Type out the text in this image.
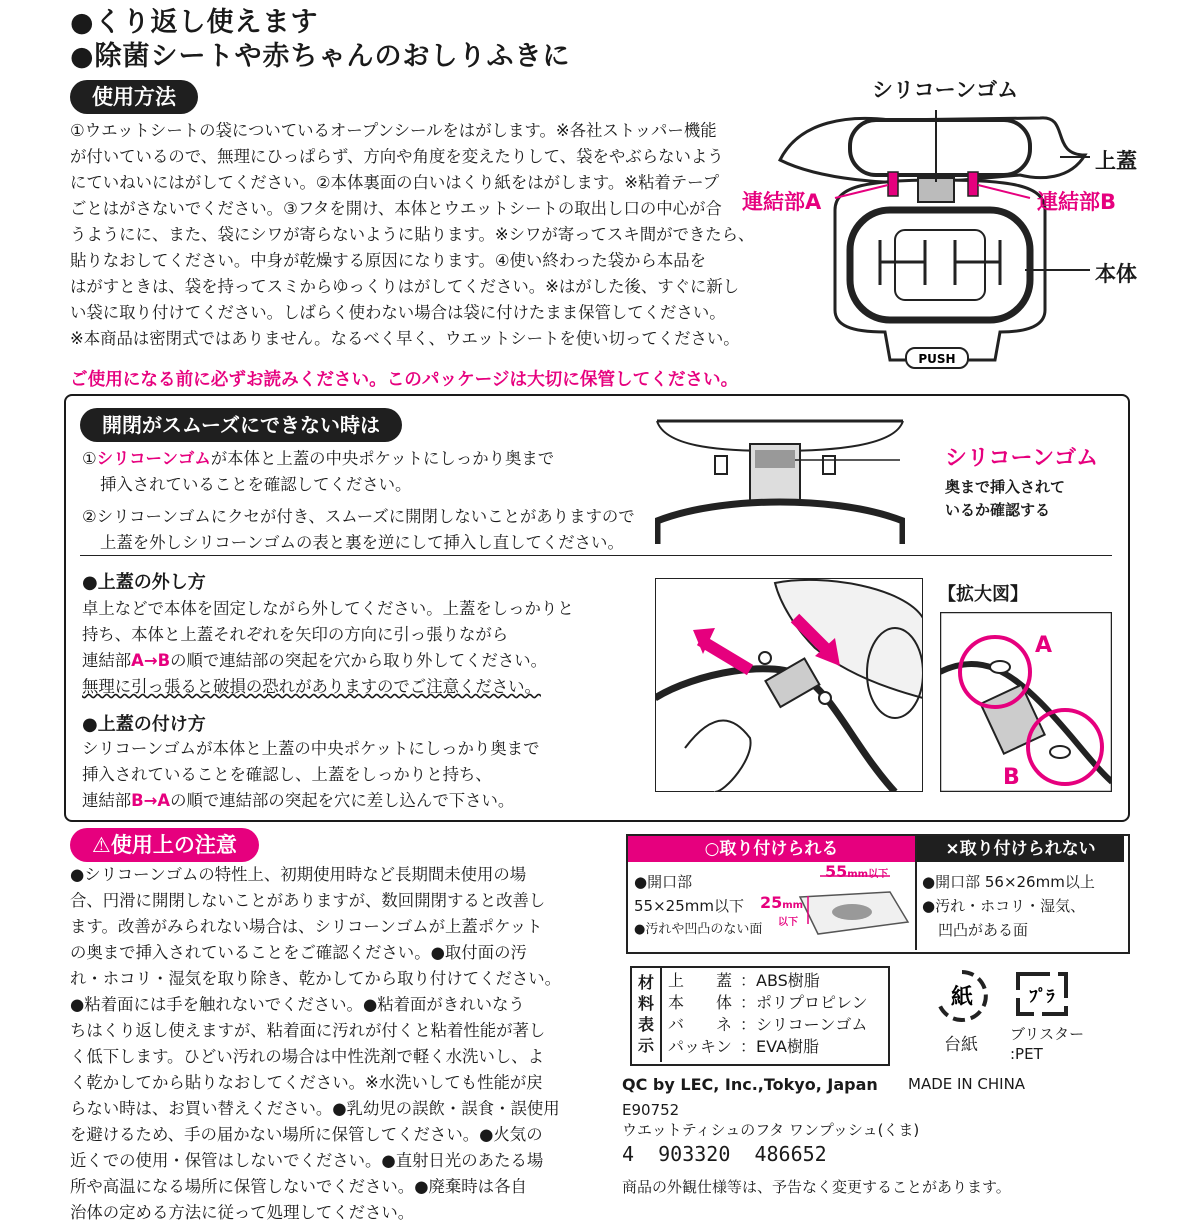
●くり返し使えます
●除菌シートや赤ちゃんのおしりふきに
使用方法
①ウエットシートの袋についているオープンシールをはがします。※各社ストッパー機能
が付いているので、無理にひっぱらず、方向や角度を変えたりして、袋をやぶらないよう
にていねいにはがしてください。②本体裏面の白いはくり紙をはがします。※粘着テープ
ごとはがさないでください。③フタを開け、本体とウエットシートの取出し口の中心が合
うようにに、また、袋にシワが寄らないように貼ります。※シワが寄ってスキ間ができたら、
貼りなおしてください。中身が乾燥する原因になります。④使い終わった袋から本品を
はがすときは、袋を持ってスミからゆっくりはがしてください。※はがした後、すぐに新し
い袋に取り付けてください。しばらく使わない場合は袋に付けたまま保管してください。
※本商品は密閉式ではありません。なるべく早く、ウエットシートを使い切ってください。
ご使用になる前に必ずお読みください。このパッケージは大切に保管してください。
PUSH
シリコーンゴム
上蓋
連結部A	連結部B
本体
開閉がスムーズにできない時は
①シリコーンゴムが本体と上蓋の中央ポケットにしっかり奥まで
挿入されていることを確認してください。
②シリコーンゴムにクセが付き、スムーズに開閉しないことがありますので
上蓋を外しシリコーンゴムの表と裏を逆にして挿入し直してください。
シリコーンゴム
奥まで挿入されて
いるか確認する
●上蓋の外し方
卓上などで本体を固定しながら外してください。上蓋をしっかりと
持ち、本体と上蓋それぞれを矢印の方向に引っ張りながら
連結部A→Bの順で連結部の突起を穴から取り外してください。
無理に引っ張ると破損の恐れがありますのでご注意ください。
●上蓋の付け方
シリコーンゴムが本体と上蓋の中央ポケットにしっかり奥まで
挿入されていることを確認し、上蓋をしっかりと持ち、
連結部B→Aの順で連結部の突起を穴に差し込んで下さい。
【拡大図】
A
B
⚠使用上の注意
●シリコーンゴムの特性上、初期使用時など長期間未使用の場
合、円滑に開閉しないことがありますが、数回開閉すると改善し
ます。改善がみられない場合は、シリコーンゴムが上蓋ポケット
の奥まで挿入されていることをご確認ください。●取付面の汚
れ・ホコリ・湿気を取り除き、乾かしてから取り付けてください。
●粘着面には手を触れないでください。●粘着面がきれいなう
ちはくり返し使えますが、粘着面に汚れが付くと粘着性能が著し
く低下します。ひどい汚れの場合は中性洗剤で軽く水洗いし、よ
く乾かしてから貼りなおしてください。※水洗いしても性能が戻
らない時は、お買い替えください。●乳幼児の誤飲・誤食・誤使用
を避けるため、手の届かない場所に保管してください。●火気の
近くでの使用・保管はしないでください。●直射日光のあたる場
所や高温になる場所に保管しないでください。●廃棄時は各自
治体の定める方法に従って処理してください。
○取り付けられる	×取り付けられない
●開口部
55×25mm以下
●汚れや凹凸のない面
55mm以下
25mm
以下
●開口部 56×26mm以上
●汚れ・ホコリ・湿気、
凹凸がある面
材料表示
上　　蓋 ：ABS樹脂
本　　体 ：ポリプロピレン
バ　　ネ ：シリコーンゴム
パッキン ：EVA樹脂
紙
台紙
ﾌﾟﾗ
ブリスター
:PET
QC by LEC, Inc.,Tokyo, Japan MADE IN CHINA
E90752
ウエットティシュのフタ ワンプッシュ(くま)
4  903320  486652
商品の外観仕様等は、予告なく変更することがあります。
